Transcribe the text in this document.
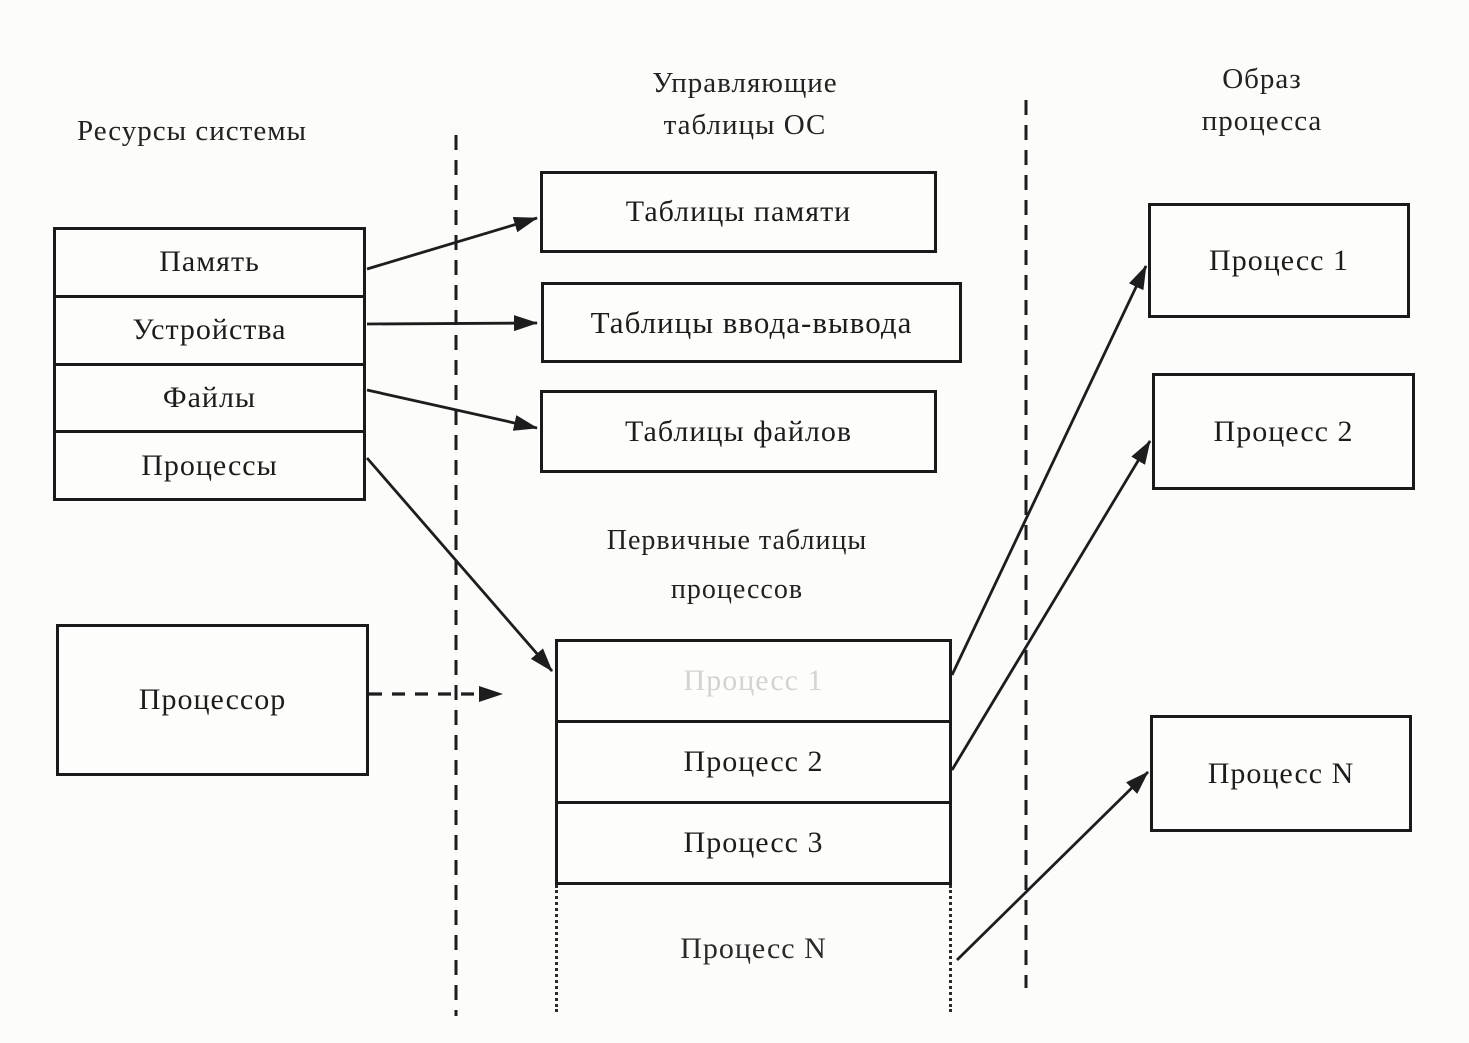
Ресурсы системы
Управляющие
таблицы ОС
Образ
процесса
Память
Устройства
Файлы
Процессы
Процессор
Таблицы памяти
Таблицы ввода-вывода
Таблицы файлов
Первичные таблицы
процессов
Процесс 1
Процесс 2
Процесс 3
Процесс N
Процесс 1
Процесс 2
Процесс N
